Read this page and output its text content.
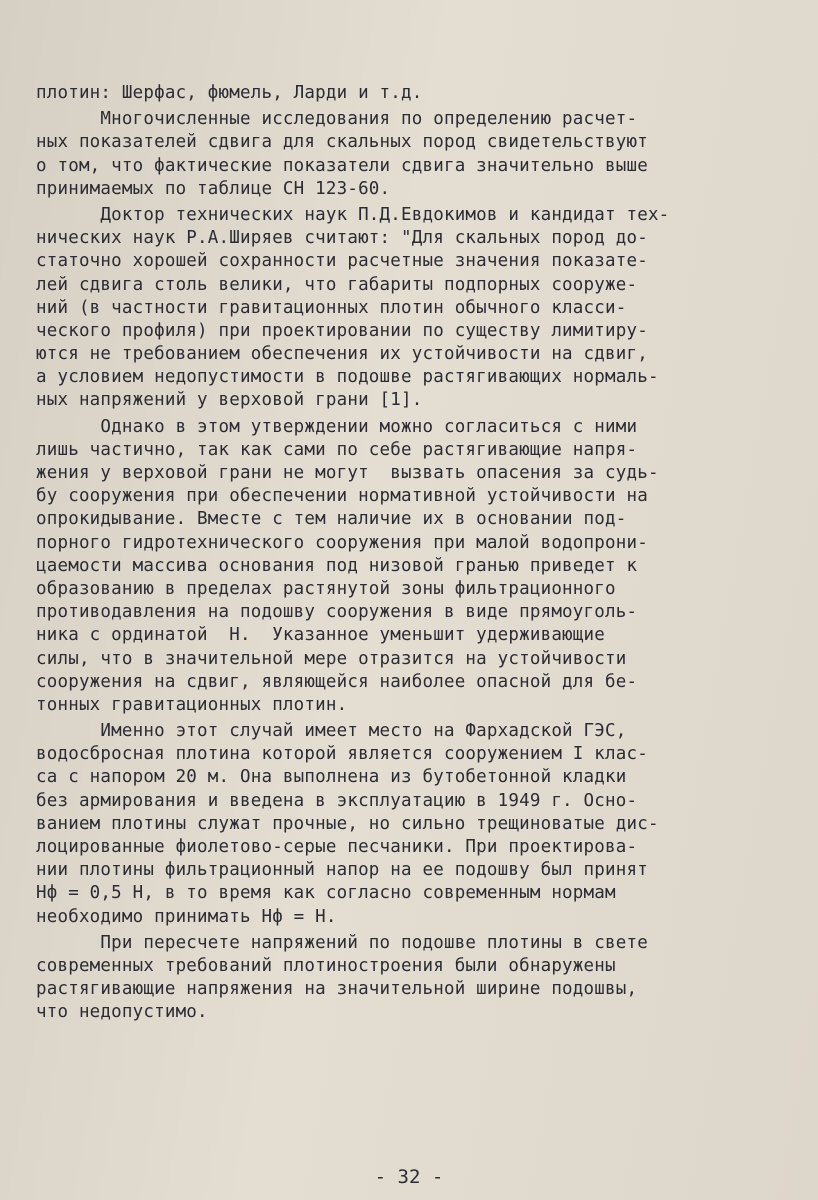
плотин: Шерфас, фюмель, Ларди и т.д.
Многочисленные исследования по определению расчет-
ных показателей сдвига для скальных пород свидетельствуют
о том, что фактические показатели сдвига значительно выше
принимаемых по таблице СН 123-60.
Доктор технических наук П.Д.Евдокимов и кандидат тех-
нических наук Р.А.Ширяев считают: "Для скальных пород до-
статочно хорошей сохранности расчетные значения показате-
лей сдвига столь велики, что габариты подпорных сооруже-
ний (в частности гравитационных плотин обычного класси-
ческого профиля) при проектировании по существу лимитиру-
ются не требованием обеспечения их устойчивости на сдвиг,
а условием недопустимости в подошве растягивающих нормаль-
ных напряжений у верховой грани [1].
Однако в этом утверждении можно согласиться с ними
лишь частично, так как сами по себе растягивающие напря-
жения у верховой грани не могут  вызвать опасения за судь-
бу сооружения при обеспечении нормативной устойчивости на
опрокидывание. Вместе с тем наличие их в основании под-
порного гидротехнического сооружения при малой водопрони-
цаемости массива основания под низовой гранью приведет к
образованию в пределах растянутой зоны фильтрационного
противодавления на подошву сооружения в виде прямоуголь-
ника с ординатой  Н.  Указанное уменьшит удерживающие
силы, что в значительной мере отразится на устойчивости
сооружения на сдвиг, являющейся наиболее опасной для бе-
тонных гравитационных плотин.
Именно этот случай имеет место на Фархадской ГЭС,
водосбросная плотина которой является сооружением I клас-
са с напором 20 м. Она выполнена из бутобетонной кладки
без армирования и введена в эксплуатацию в 1949 г. Осно-
ванием плотины служат прочные, но сильно трещиноватые дис-
лоцированные фиолетово-серые песчаники. При проектирова-
нии плотины фильтрационный напор на ее подошву был принят
Hф = 0,5 H, в то время как согласно современным нормам
необходимо принимать Hф = H.
При пересчете напряжений по подошве плотины в свете
современных требований плотиностроения были обнаружены
растягивающие напряжения на значительной ширине подошвы,
что недопустимо.
- 32 -
